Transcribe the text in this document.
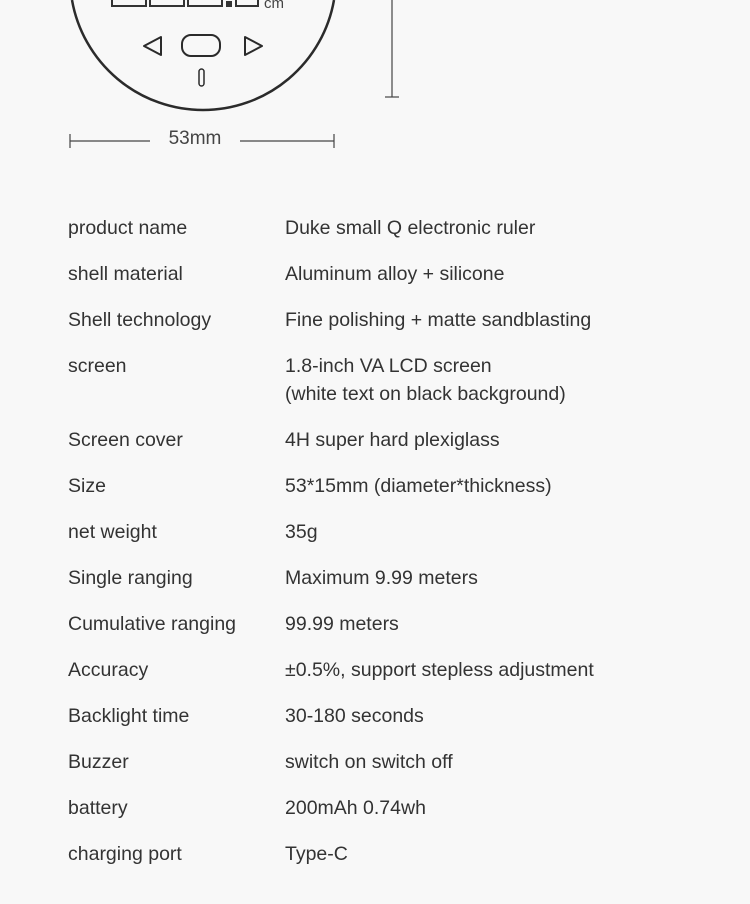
cm
53mm
product name	Duke small Q electronic ruler
shell material	Aluminum alloy + silicone
Shell technology	Fine polishing + matte sandblasting
screen	1.8-inch VA LCD screen
(white text on black background)
Screen cover	4H super hard plexiglass
Size	53*15mm (diameter*thickness)
net weight	35g
Single ranging	Maximum 9.99 meters
Cumulative ranging	99.99 meters
Accuracy	±0.5%, support stepless adjustment
Backlight time	30-180 seconds
Buzzer	switch on switch off
battery	200mAh 0.74wh
charging port	Type-C
